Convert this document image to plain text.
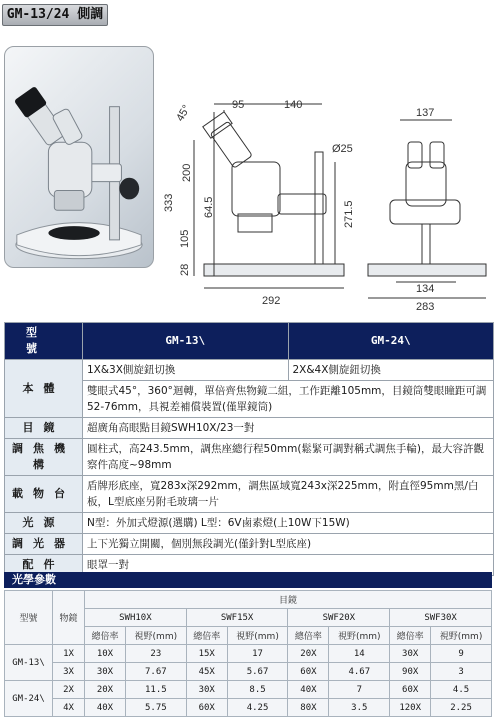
GM-13/24 側調
45°	95	140
137
200
333	64.5
105
28
Ø25
271.5
292
134
283
型號	GM-13\	GM-24\
本體	1X&3X側旋鈕切換	2X&4X側旋鈕切換
	雙眼式45°，360°迴轉，單倍齊焦物鏡二組，工作距離105mm，目鏡筒雙眼瞳距可調52-76mm，具視差補償裝置(僅單鏡筒)	
目鏡	超廣角高眼點目鏡SWH10X/23一對	
調焦機構	圓柱式，高243.5mm，調焦座總行程50mm(鬆緊可調對稱式調焦手輪)，最大容許觀察件高度~98mm	
載物台	盾牌形底座，寬283x深292mm，調焦區域寬243x深225mm，附直徑95mm黑/白板，L型底座另附毛玻璃一片	
光源	N型：外加式燈源(選購) L型：6V鹵素燈(上10W下15W)	
調光器	上下光獨立開關，個別無段調光(僅針對L型底座)	
配件	眼罩一對	
光學參數
型號	物鏡	目鏡							
		SWH10X		SWF15X		SWF20X		SWF30X	
		總倍率	視野(mm)	總倍率	視野(mm)	總倍率	視野(mm)	總倍率	視野(mm)
GM-13\	1X	10X	23	15X	17	20X	14	30X	9
	3X	30X	7.67	45X	5.67	60X	4.67	90X	3
GM-24\	2X	20X	11.5	30X	8.5	40X	7	60X	4.5
	4X	40X	5.75	60X	4.25	80X	3.5	120X	2.25
